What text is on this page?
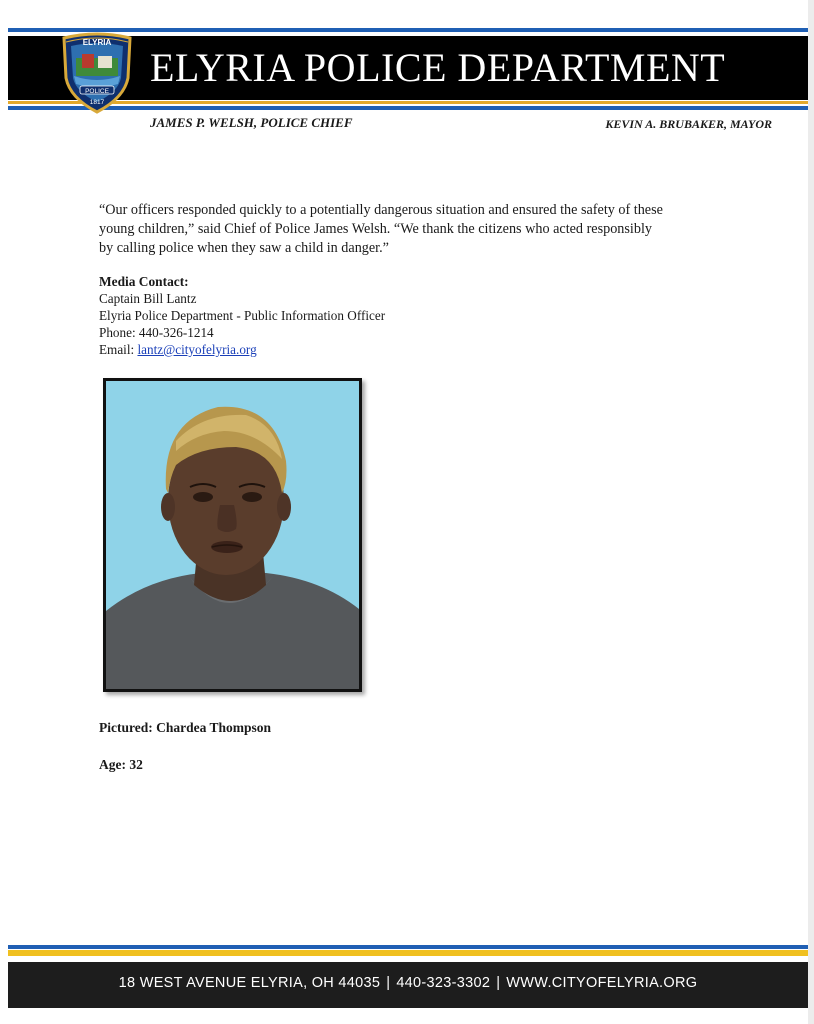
ELYRIA
POLICE
1817
ELYRIA POLICE DEPARTMENT
JAMES P. WELSH, POLICE CHIEF	KEVIN A. BRUBAKER, MAYOR

“Our officers responded quickly to a potentially dangerous situation and ensured the safety of these

young children,” said Chief of Police James Welsh. “We thank the citizens who acted responsibly

by calling police when they saw a child in danger.”

Media Contact:
Captain Bill Lantz
Elyria Police Department - Public Information Officer
Phone: 440-326-1214
Email: lantz@cityofelyria.org
Pictured: Chardea Thompson
Age: 32
18 WEST AVENUE ELYRIA, OH 44035 | 440-323-3302 | WWW.CITYOFELYRIA.ORG
